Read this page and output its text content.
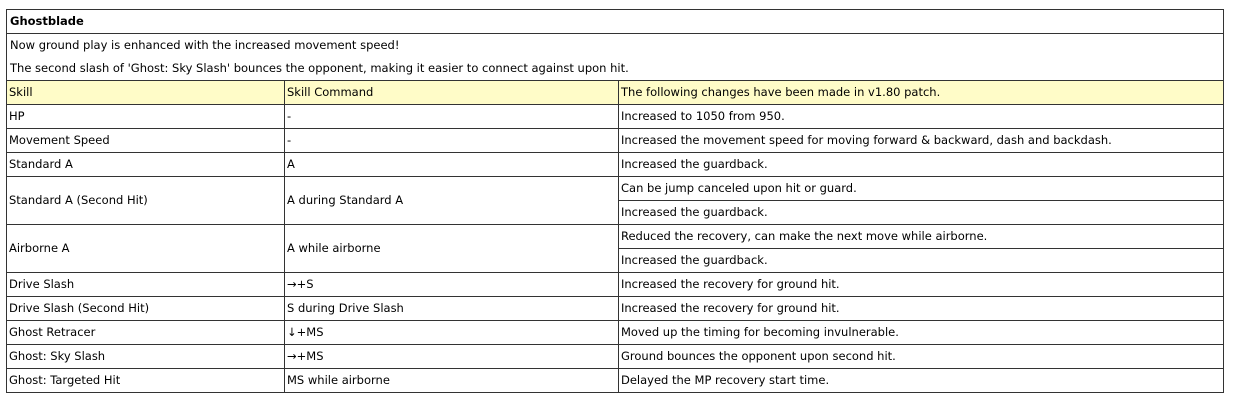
Ghostblade		
Now ground play is enhanced with the increased movement speed!		
The second slash of 'Ghost: Sky Slash' bounces the opponent, making it easier to connect against upon hit.		
Skill	Skill Command	The following changes have been made in v1.80 patch.
HP	-	Increased to 1050 from 950.
Movement Speed	-	Increased the movement speed for moving forward & backward, dash and backdash.
Standard A	A	Increased the guardback.
Standard A (Second Hit)	A during Standard A	Can be jump canceled upon hit or guard.
		Increased the guardback.
Airborne A	A while airborne	Reduced the recovery, can make the next move while airborne.
		Increased the guardback.
Drive Slash	→+S	Increased the recovery for ground hit.
Drive Slash (Second Hit)	S during Drive Slash	Increased the recovery for ground hit.
Ghost Retracer	↓+MS	Moved up the timing for becoming invulnerable.
Ghost: Sky Slash	→+MS	Ground bounces the opponent upon second hit.
Ghost: Targeted Hit	MS while airborne	Delayed the MP recovery start time.
